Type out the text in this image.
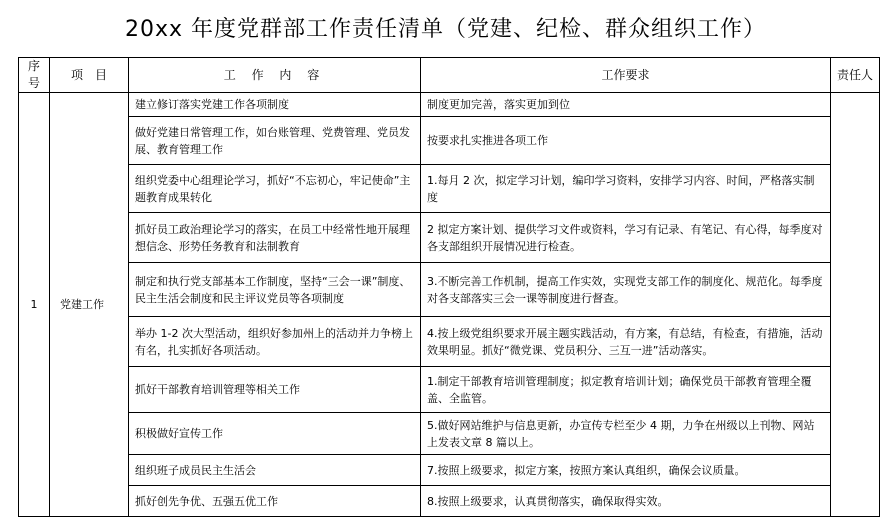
20xx 年度党群部工作责任清单（党建、纪检、群众组织工作）
序号	项　目	工 作 内 容	工作要求	责任人
1	党建工作	建立修订落实党建工作各项制度	制度更加完善，落实更加到位	
		做好党建日常管理工作，如台账管理、党费管理、党员发展、教育管理工作	按要求扎实推进各项工作	
		组织党委中心组理论学习，抓好“不忘初心，牢记使命”主题教育成果转化	1.每月 2 次，拟定学习计划，编印学习资料，安排学习内容、时间，严格落实制度	
		抓好员工政治理论学习的落实，在员工中经常性地开展理想信念、形势任务教育和法制教育	2 拟定方案计划、提供学习文件或资料，学习有记录、有笔记、有心得，每季度对各支部组织开展情况进行检查。	
		制定和执行党支部基本工作制度，坚持“三会一课”制度、民主生活会制度和民主评议党员等各项制度	3.不断完善工作机制，提高工作实效，实现党支部工作的制度化、规范化。每季度对各支部落实三会一课等制度进行督查。	
		举办 1-2 次大型活动，组织好参加州上的活动并力争榜上有名，扎实抓好各项活动。	4.按上级党组织要求开展主题实践活动，有方案，有总结，有检查，有措施，活动效果明显。抓好“微党课、党员积分、三互一进”活动落实。	
		抓好干部教育培训管理等相关工作	1.制定干部教育培训管理制度；拟定教育培训计划；确保党员干部教育管理全覆盖、全监管。	
		积极做好宣传工作	5.做好网站维护与信息更新，办宣传专栏至少 4 期，力争在州级以上刊物、网站上发表文章 8 篇以上。	
		组织班子成员民主生活会	7.按照上级要求，拟定方案，按照方案认真组织，确保会议质量。	
		抓好创先争优、五强五优工作	8.按照上级要求，认真贯彻落实，确保取得实效。	
